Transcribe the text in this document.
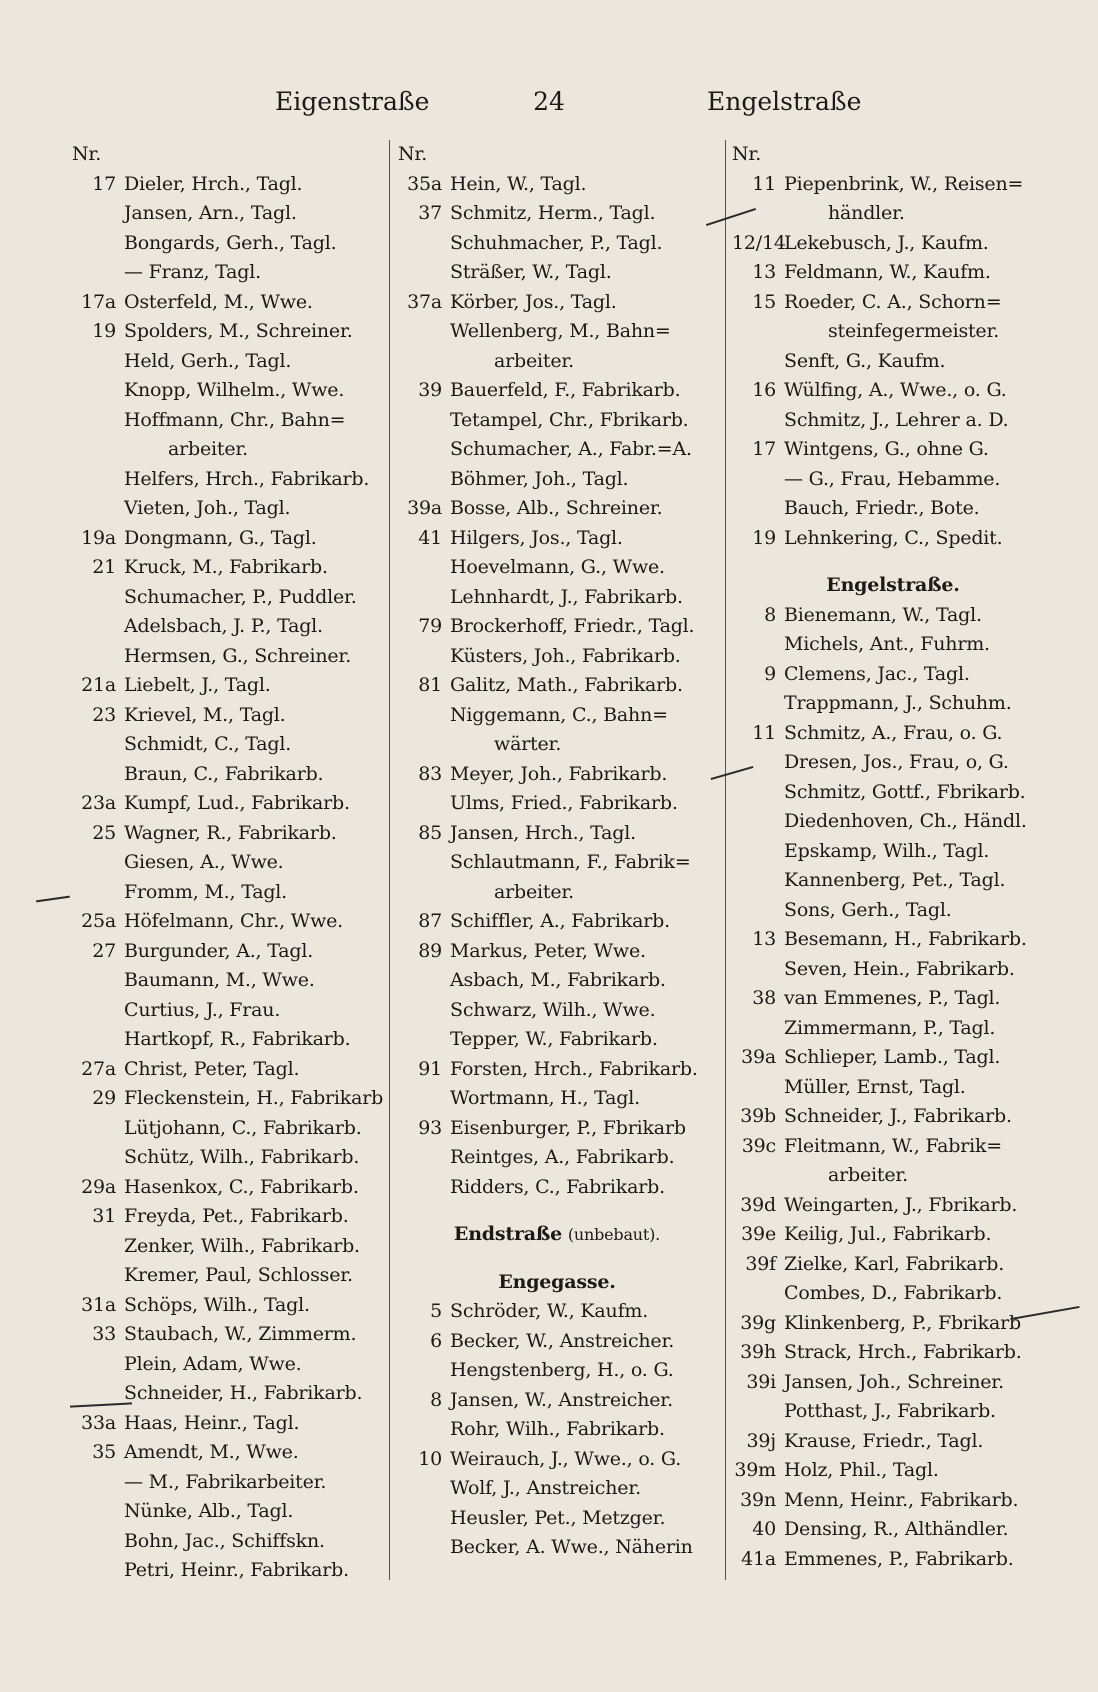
Eigenstraße	24	Engelstraße
Nr.
17 Dieler, Hrch., Tagl.
Jansen, Arn., Tagl.
Bongards, Gerh., Tagl.
— Franz, Tagl.
17a Osterfeld, M., Wwe.
19 Spolders, M., Schreiner.
Held, Gerh., Tagl.
Knopp, Wilhelm., Wwe.
Hoffmann, Chr., Bahn=
arbeiter.
Helfers, Hrch., Fabrikarb.
Vieten, Joh., Tagl.
19a Dongmann, G., Tagl.
21 Kruck, M., Fabrikarb.
Schumacher, P., Puddler.
Adelsbach, J. P., Tagl.
Hermsen, G., Schreiner.
21a Liebelt, J., Tagl.
23 Krievel, M., Tagl.
Schmidt, C., Tagl.
Braun, C., Fabrikarb.
23a Kumpf, Lud., Fabrikarb.
25 Wagner, R., Fabrikarb.
Giesen, A., Wwe.
Fromm, M., Tagl.
25a Höfelmann, Chr., Wwe.
27 Burgunder, A., Tagl.
Baumann, M., Wwe.
Curtius, J., Frau.
Hartkopf, R., Fabrikarb.
27a Christ, Peter, Tagl.
29 Fleckenstein, H., Fabrikarb
Lütjohann, C., Fabrikarb.
Schütz, Wilh., Fabrikarb.
29a Hasenkox, C., Fabrikarb.
31 Freyda, Pet., Fabrikarb.
Zenker, Wilh., Fabrikarb.
Kremer, Paul, Schlosser.
31a Schöps, Wilh., Tagl.
33 Staubach, W., Zimmerm.
Plein, Adam, Wwe.
Schneider, H., Fabrikarb.
33a Haas, Heinr., Tagl.
35 Amendt, M., Wwe.
— M., Fabrikarbeiter.
Nünke, Alb., Tagl.
Bohn, Jac., Schiffskn.
Petri, Heinr., Fabrikarb.
Nr.
35a Hein, W., Tagl.
37 Schmitz, Herm., Tagl.
Schuhmacher, P., Tagl.
Sträßer, W., Tagl.
37a Körber, Jos., Tagl.
Wellenberg, M., Bahn=
arbeiter.
39 Bauerfeld, F., Fabrikarb.
Tetampel, Chr., Fbrikarb.
Schumacher, A., Fabr.=A.
Böhmer, Joh., Tagl.
39a Bosse, Alb., Schreiner.
41 Hilgers, Jos., Tagl.
Hoevelmann, G., Wwe.
Lehnhardt, J., Fabrikarb.
79 Brockerhoff, Friedr., Tagl.
Küsters, Joh., Fabrikarb.
81 Galitz, Math., Fabrikarb.
Niggemann, C., Bahn=
wärter.
83 Meyer, Joh., Fabrikarb.
Ulms, Fried., Fabrikarb.
85 Jansen, Hrch., Tagl.
Schlautmann, F., Fabrik=
arbeiter.
87 Schiffler, A., Fabrikarb.
89 Markus, Peter, Wwe.
Asbach, M., Fabrikarb.
Schwarz, Wilh., Wwe.
Tepper, W., Fabrikarb.
91 Forsten, Hrch., Fabrikarb.
Wortmann, H., Tagl.
93 Eisenburger, P., Fbrikarb
Reintges, A., Fabrikarb.
Ridders, C., Fabrikarb.
Endstraße (unbebaut).
Engegasse.
5 Schröder, W., Kaufm.
6 Becker, W., Anstreicher.
Hengstenberg, H., o. G.
8 Jansen, W., Anstreicher.
Rohr, Wilh., Fabrikarb.
10 Weirauch, J., Wwe., o. G.
Wolf, J., Anstreicher.
Heusler, Pet., Metzger.
Becker, A. Wwe., Näherin
Nr.
11 Piepenbrink, W., Reisen=
händler.
12/14
Lekebusch, J., Kaufm.
13 Feldmann, W., Kaufm.
15 Roeder, C. A., Schorn=
steinfegermeister.
Senft, G., Kaufm.
16 Wülfing, A., Wwe., o. G.
Schmitz, J., Lehrer a. D.
17 Wintgens, G., ohne G.
— G., Frau, Hebamme.
Bauch, Friedr., Bote.
19 Lehnkering, C., Spedit.
Engelstraße.
8 Bienemann, W., Tagl.
Michels, Ant., Fuhrm.
9 Clemens, Jac., Tagl.
Trappmann, J., Schuhm.
11 Schmitz, A., Frau, o. G.
Dresen, Jos., Frau, o, G.
Schmitz, Gottf., Fbrikarb.
Diedenhoven, Ch., Händl.
Epskamp, Wilh., Tagl.
Kannenberg, Pet., Tagl.
Sons, Gerh., Tagl.
13 Besemann, H., Fabrikarb.
Seven, Hein., Fabrikarb.
38 van Emmenes, P., Tagl.
Zimmermann, P., Tagl.
39a Schlieper, Lamb., Tagl.
Müller, Ernst, Tagl.
39b Schneider, J., Fabrikarb.
39c Fleitmann, W., Fabrik=
arbeiter.
39d Weingarten, J., Fbrikarb.
39e Keilig, Jul., Fabrikarb.
39f Zielke, Karl, Fabrikarb.
Combes, D., Fabrikarb.
39g Klinkenberg, P., Fbrikarb
39h Strack, Hrch., Fabrikarb.
39i Jansen, Joh., Schreiner.
Potthast, J., Fabrikarb.
39j Krause, Friedr., Tagl.
39m Holz, Phil., Tagl.
39n Menn, Heinr., Fabrikarb.
40 Densing, R., Althändler.
41a Emmenes, P., Fabrikarb.
